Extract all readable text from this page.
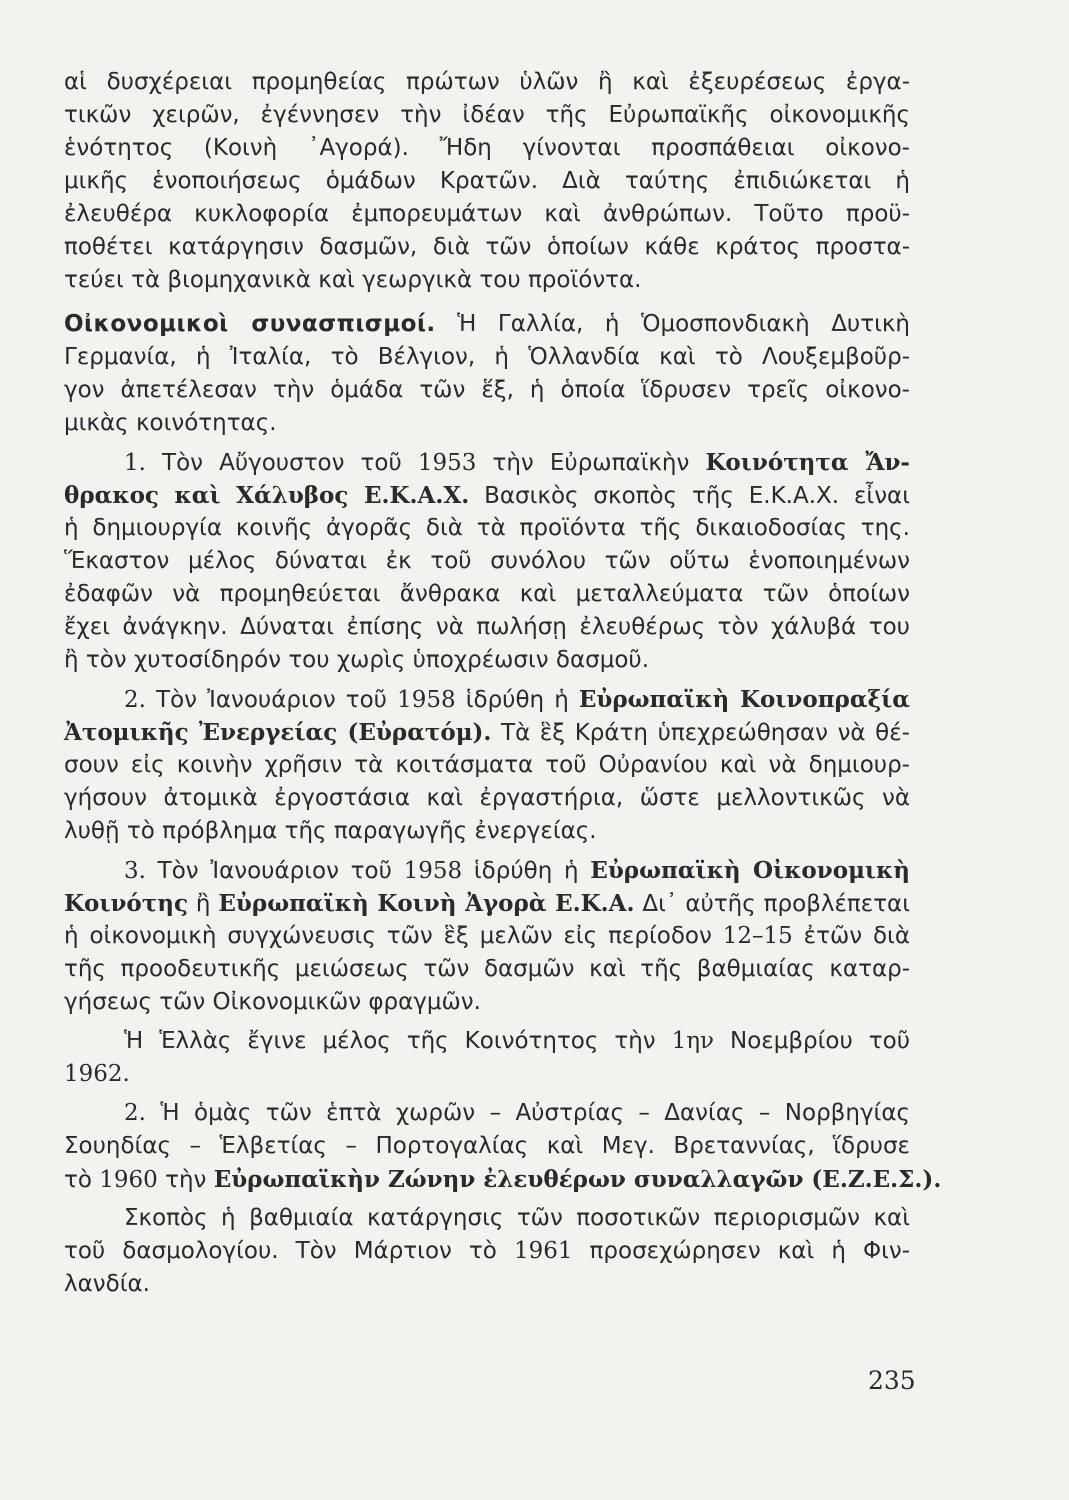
αἱ δυσχέρειαι προμηθείας πρώτων ὑλῶν ἢ καὶ ἐξευρέσεως ἐργα-
τικῶν χειρῶν, ἐγέννησεν τὴν ἰδέαν τῆς Εὐρωπαϊκῆς οἰκονομικῆς
ἑνότητος (Κοινὴ ᾿Αγορά). Ἤδη γίνονται προσπάθειαι οἰκονο-
μικῆς ἑνοποιήσεως ὁμάδων Κρατῶν. Διὰ ταύτης ἐπιδιώκεται ἡ
ἐλευθέρα κυκλοφορία ἐμπορευμάτων καὶ ἀνθρώπων. Τοῦτο προϋ-
ποθέτει κατάργησιν δασμῶν, διὰ τῶν ὁποίων κάθε κράτος προστα-
τεύει τὰ βιομηχανικὰ καὶ γεωργικὰ του προϊόντα.
Οἰκονομικοὶ συνασπισμοί. Ἡ Γαλλία, ἡ Ὁμοσπονδιακὴ Δυτικὴ
Γερμανία, ἡ Ἰταλία, τὸ Βέλγιον, ἡ Ὁλλανδία καὶ τὸ Λουξεμβοῦρ-
γον ἀπετέλεσαν τὴν ὁμάδα τῶν ἕξ, ἡ ὁποία ἵδρυσεν τρεῖς οἰκονο-
μικὰς κοινότητας.
1. Τὸν Αὔγουστον τοῦ 1953 τὴν Εὐρωπαϊκὴν Κοινότητα Ἄν-
θρακος καὶ Χάλυβος Ε.Κ.Α.Χ. Βασικὸς σκοπὸς τῆς Ε.Κ.Α.Χ. εἶναι
ἡ δημιουργία κοινῆς ἀγορᾶς διὰ τὰ προϊόντα τῆς δικαιοδοσίας της.
Ἕκαστον μέλος δύναται ἐκ τοῦ συνόλου τῶν οὕτω ἑνοποιημένων
ἐδαφῶν νὰ προμηθεύεται ἄνθρακα καὶ μεταλλεύματα τῶν ὁποίων
ἔχει ἀνάγκην. Δύναται ἐπίσης νὰ πωλήσῃ ἐλευθέρως τὸν χάλυβά του
ἢ τὸν χυτοσίδηρόν του χωρὶς ὑποχρέωσιν δασμοῦ.
2. Τὸν Ἰανουάριον τοῦ 1958 ἱδρύθη ἡ Εὐρωπαϊκὴ Κοινοπραξία
Ἀτομικῆς Ἐνεργείας (Εὐρατόμ). Τὰ ἓξ Κράτη ὑπεχρεώθησαν νὰ θέ-
σουν εἰς κοινὴν χρῆσιν τὰ κοιτάσματα τοῦ Οὐρανίου καὶ νὰ δημιουρ-
γήσουν ἀτομικὰ ἐργοστάσια καὶ ἐργαστήρια, ὥστε μελλοντικῶς νὰ
λυθῇ τὸ πρόβλημα τῆς παραγωγῆς ἐνεργείας.
3. Τὸν Ἰανουάριον τοῦ 1958 ἱδρύθη ἡ Εὐρωπαϊκὴ Οἰκονομικὴ
Κοινότης ἢ Εὐρωπαϊκὴ Κοινὴ Ἀγορὰ Ε.Κ.Α. Δι᾿ αὐτῆς προβλέπεται
ἡ οἰκονομικὴ συγχώνευσις τῶν ἓξ μελῶν εἰς περίοδον 12–15 ἐτῶν διὰ
τῆς προοδευτικῆς μειώσεως τῶν δασμῶν καὶ τῆς βαθμιαίας καταρ-
γήσεως τῶν Οἰκονομικῶν φραγμῶν.
Ἡ Ἑλλὰς ἔγινε μέλος τῆς Κοινότητος τὴν 1ην Νοεμβρίου τοῦ
1962.
2. Ἡ ὁμὰς τῶν ἑπτὰ χωρῶν – Αὐστρίας – Δανίας – Νορβηγίας
Σουηδίας – Ἑλβετίας – Πορτογαλίας καὶ Μεγ. Βρεταννίας, ἵδρυσε
τὸ 1960 τὴν Εὐρωπαϊκὴν Ζώνην ἐλευθέρων συναλλαγῶν (Ε.Ζ.Ε.Σ.).
Σκοπὸς ἡ βαθμιαία κατάργησις τῶν ποσοτικῶν περιορισμῶν καὶ
τοῦ δασμολογίου. Τὸν Μάρτιον τὸ 1961 προσεχώρησεν καὶ ἡ Φιν-
λανδία.
235
